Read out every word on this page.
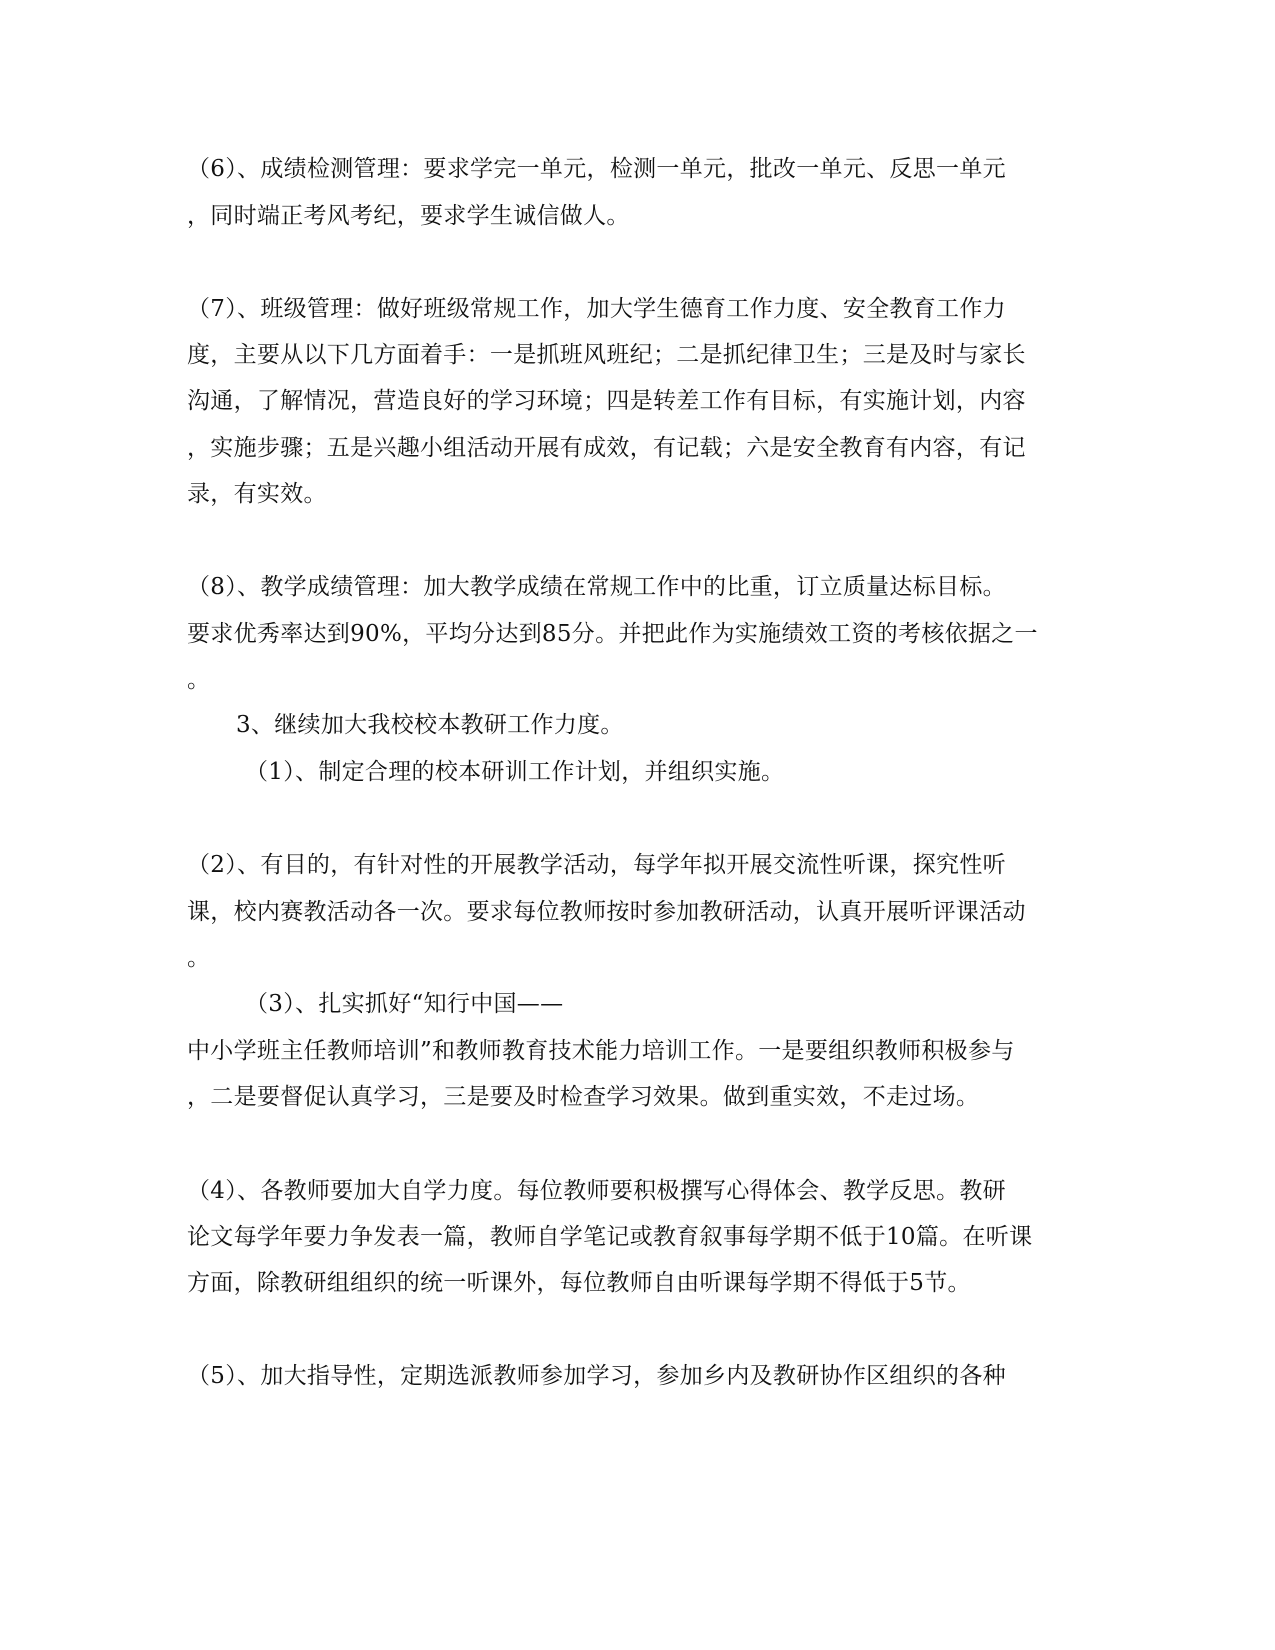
（6）、成绩检测管理：要求学完一单元，检测一单元，批改一单元、反思一单元
，同时端正考风考纪，要求学生诚信做人。
（7）、班级管理：做好班级常规工作，加大学生德育工作力度、安全教育工作力
度，主要从以下几方面着手：一是抓班风班纪；二是抓纪律卫生；三是及时与家长
沟通，了解情况，营造良好的学习环境；四是转差工作有目标，有实施计划，内容
，实施步骤；五是兴趣小组活动开展有成效，有记载；六是安全教育有内容，有记
录，有实效。
（8）、教学成绩管理：加大教学成绩在常规工作中的比重，订立质量达标目标。
要求优秀率达到90%，平均分达到85分。并把此作为实施绩效工资的考核依据之一
。
3、继续加大我校校本教研工作力度。
（1）、制定合理的校本研训工作计划，并组织实施。
（2）、有目的，有针对性的开展教学活动，每学年拟开展交流性听课，探究性听
课，校内赛教活动各一次。要求每位教师按时参加教研活动，认真开展听评课活动
。
（3）、扎实抓好“知行中国——
中小学班主任教师培训”和教师教育技术能力培训工作。一是要组织教师积极参与
，二是要督促认真学习，三是要及时检查学习效果。做到重实效，不走过场。
（4）、各教师要加大自学力度。每位教师要积极撰写心得体会、教学反思。教研
论文每学年要力争发表一篇，教师自学笔记或教育叙事每学期不低于10篇。在听课
方面，除教研组组织的统一听课外，每位教师自由听课每学期不得低于5节。
（5）、加大指导性，定期选派教师参加学习，参加乡内及教研协作区组织的各种
